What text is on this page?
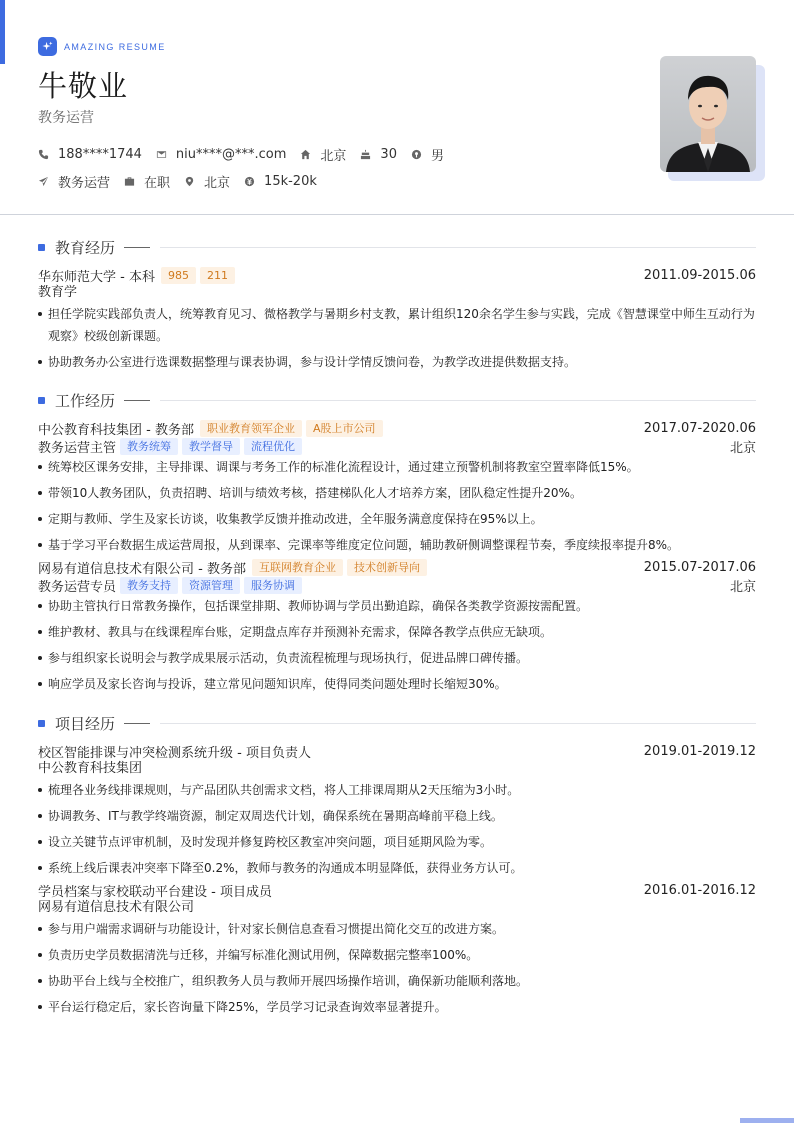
AMAZING RESUME
牛敬业
教务运营
188****1744	niu****@***.com	北京	30	男
教务运营	在职	北京	15k-20k
教育经历
华东师范大学 - 本科	985	211	2011.09-2015.06
教育学
担任学院实践部负责人，统筹教育见习、微格教学与暑期乡村支教，累计组织120余名学生参与实践，完成《智慧课堂中师生互动行为观察》校级创新课题。
协助教务办公室进行选课数据整理与课表协调，参与设计学情反馈问卷，为教学改进提供数据支持。
工作经历
中公教育科技集团 - 教务部	职业教育领军企业	A股上市公司	2017.07-2020.06
教务运营主管	教务统筹	教学督导	流程优化	北京
统筹校区课务安排，主导排课、调课与考务工作的标准化流程设计，通过建立预警机制将教室空置率降低15%。
带领10人教务团队，负责招聘、培训与绩效考核，搭建梯队化人才培养方案，团队稳定性提升20%。
定期与教师、学生及家长访谈，收集教学反馈并推动改进，全年服务满意度保持在95%以上。
基于学习平台数据生成运营周报，从到课率、完课率等维度定位问题，辅助教研侧调整课程节奏，季度续报率提升8%。
网易有道信息技术有限公司 - 教务部	互联网教育企业	技术创新导向	2015.07-2017.06
教务运营专员	教务支持	资源管理	服务协调	北京
协助主管执行日常教务操作，包括课堂排期、教师协调与学员出勤追踪，确保各类教学资源按需配置。
维护教材、教具与在线课程库台账，定期盘点库存并预测补充需求，保障各教学点供应无缺项。
参与组织家长说明会与教学成果展示活动，负责流程梳理与现场执行，促进品牌口碑传播。
响应学员及家长咨询与投诉，建立常见问题知识库，使得同类问题处理时长缩短30%。
项目经历
校区智能排课与冲突检测系统升级 - 项目负责人	2019.01-2019.12
中公教育科技集团
梳理各业务线排课规则，与产品团队共创需求文档，将人工排课周期从2天压缩为3小时。
协调教务、IT与教学终端资源，制定双周迭代计划，确保系统在暑期高峰前平稳上线。
设立关键节点评审机制，及时发现并修复跨校区教室冲突问题，项目延期风险为零。
系统上线后课表冲突率下降至0.2%，教师与教务的沟通成本明显降低，获得业务方认可。
学员档案与家校联动平台建设 - 项目成员	2016.01-2016.12
网易有道信息技术有限公司
参与用户端需求调研与功能设计，针对家长侧信息查看习惯提出简化交互的改进方案。
负责历史学员数据清洗与迁移，并编写标准化测试用例，保障数据完整率100%。
协助平台上线与全校推广，组织教务人员与教师开展四场操作培训，确保新功能顺利落地。
平台运行稳定后，家长咨询量下降25%，学员学习记录查询效率显著提升。
